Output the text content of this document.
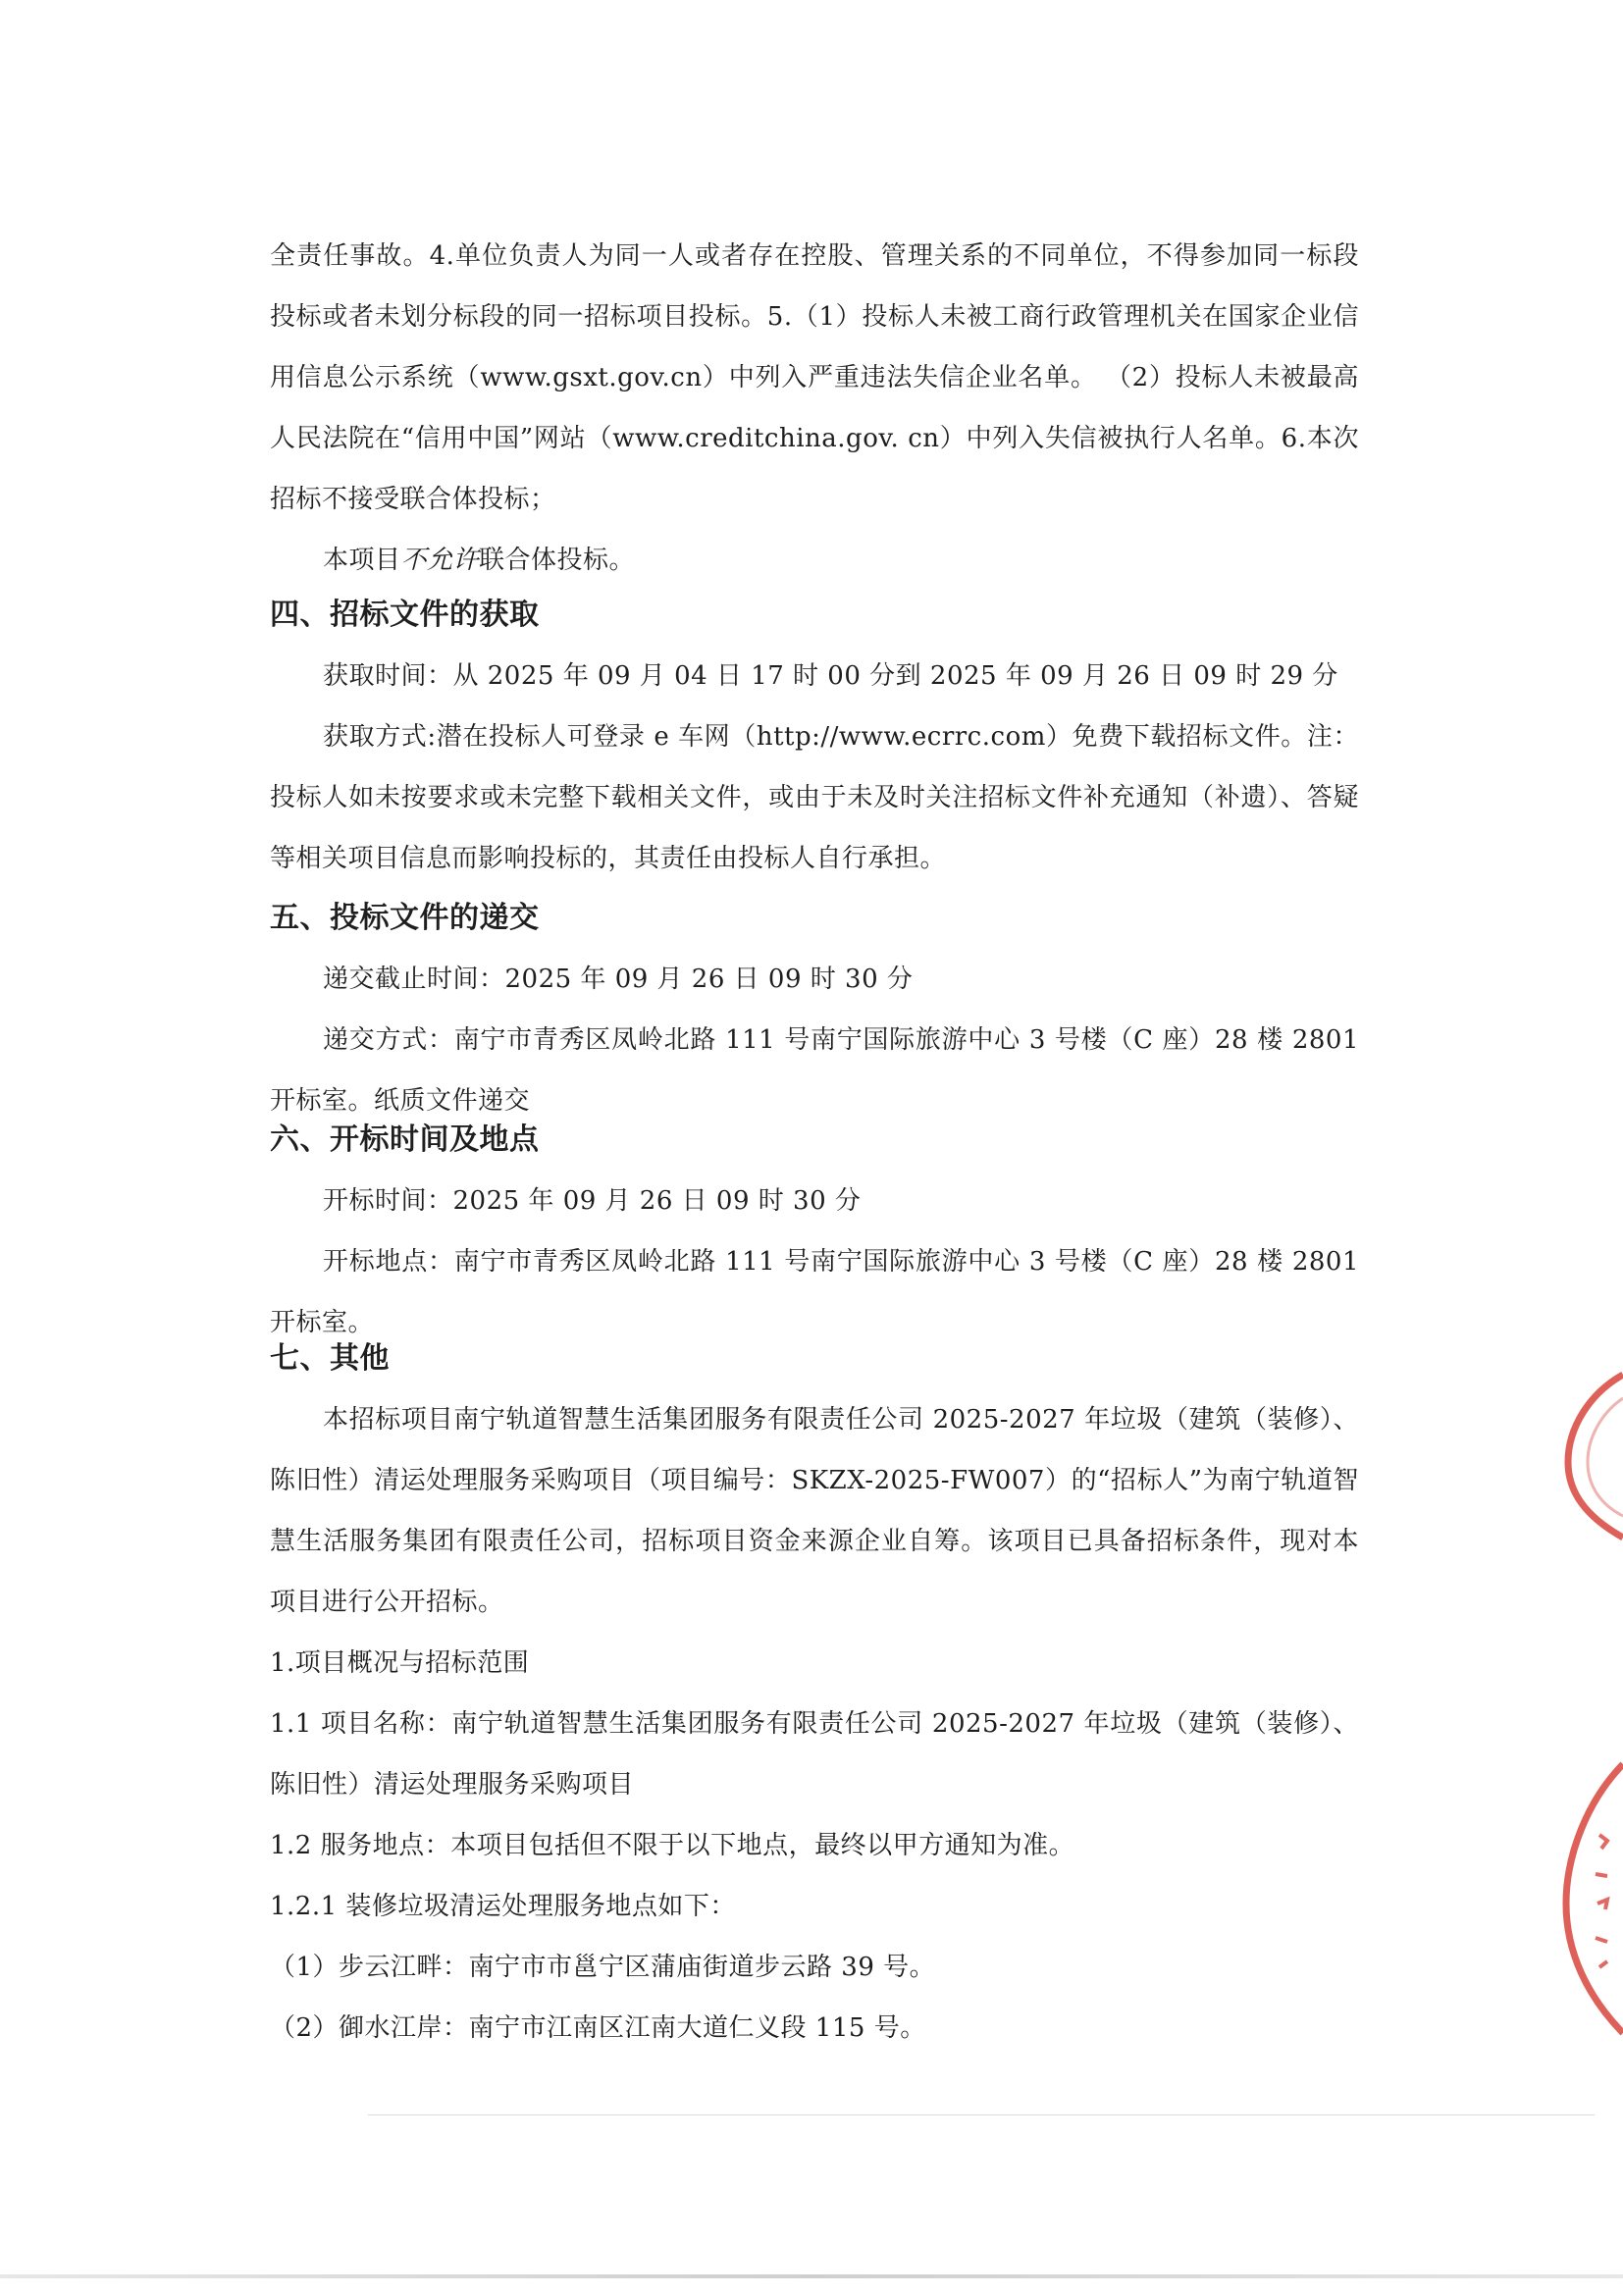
全责任事故。4.单位负责人为同一人或者存在控股、管理关系的不同单位，不得参加同一标段投标或者未划分标段的同一招标项目投标。5.（1）投标人未被工商行政管理机关在国家企业信用信息公示系统（www.gsxt.gov.cn）中列入严重违法失信企业名单。 （2）投标人未被最高人民法院在“信用中国”网站（www.creditchina.gov. cn）中列入失信被执行人名单。6.本次招标不接受联合体投标；

本项目不允许联合体投标。

四、招标文件的获取

获取时间：从 2025 年 09 月 04 日 17 时 00 分到 2025 年 09 月 26 日 09 时 29 分

获取方式:潜在投标人可登录 e 车网（http://www.ecrrc.com）免费下载招标文件。注：投标人如未按要求或未完整下载相关文件，或由于未及时关注招标文件补充通知（补遗）、答疑等相关项目信息而影响投标的，其责任由投标人自行承担。

五、投标文件的递交

递交截止时间：2025 年 09 月 26 日 09 时 30 分

递交方式：南宁市青秀区凤岭北路 111 号南宁国际旅游中心 3 号楼（C 座）28 楼 2801 开标室。纸质文件递交

六、开标时间及地点

开标时间：2025 年 09 月 26 日 09 时 30 分

开标地点：南宁市青秀区凤岭北路 111 号南宁国际旅游中心 3 号楼（C 座）28 楼 2801 开标室。

七、其他

本招标项目南宁轨道智慧生活集团服务有限责任公司 2025-2027 年垃圾（建筑（装修）、陈旧性）清运处理服务采购项目（项目编号：SKZX-2025-FW007）的“招标人”为南宁轨道智慧生活服务集团有限责任公司，招标项目资金来源企业自筹。该项目已具备招标条件，现对本项目进行公开招标。

1.项目概况与招标范围

1.1 项目名称：南宁轨道智慧生活集团服务有限责任公司 2025-2027 年垃圾（建筑（装修）、陈旧性）清运处理服务采购项目

1.2 服务地点：本项目包括但不限于以下地点，最终以甲方通知为准。

1.2.1 装修垃圾清运处理服务地点如下：

（1）步云江畔：南宁市市邕宁区蒲庙街道步云路 39 号。

（2）御水江岸：南宁市江南区江南大道仁义段 115 号。
